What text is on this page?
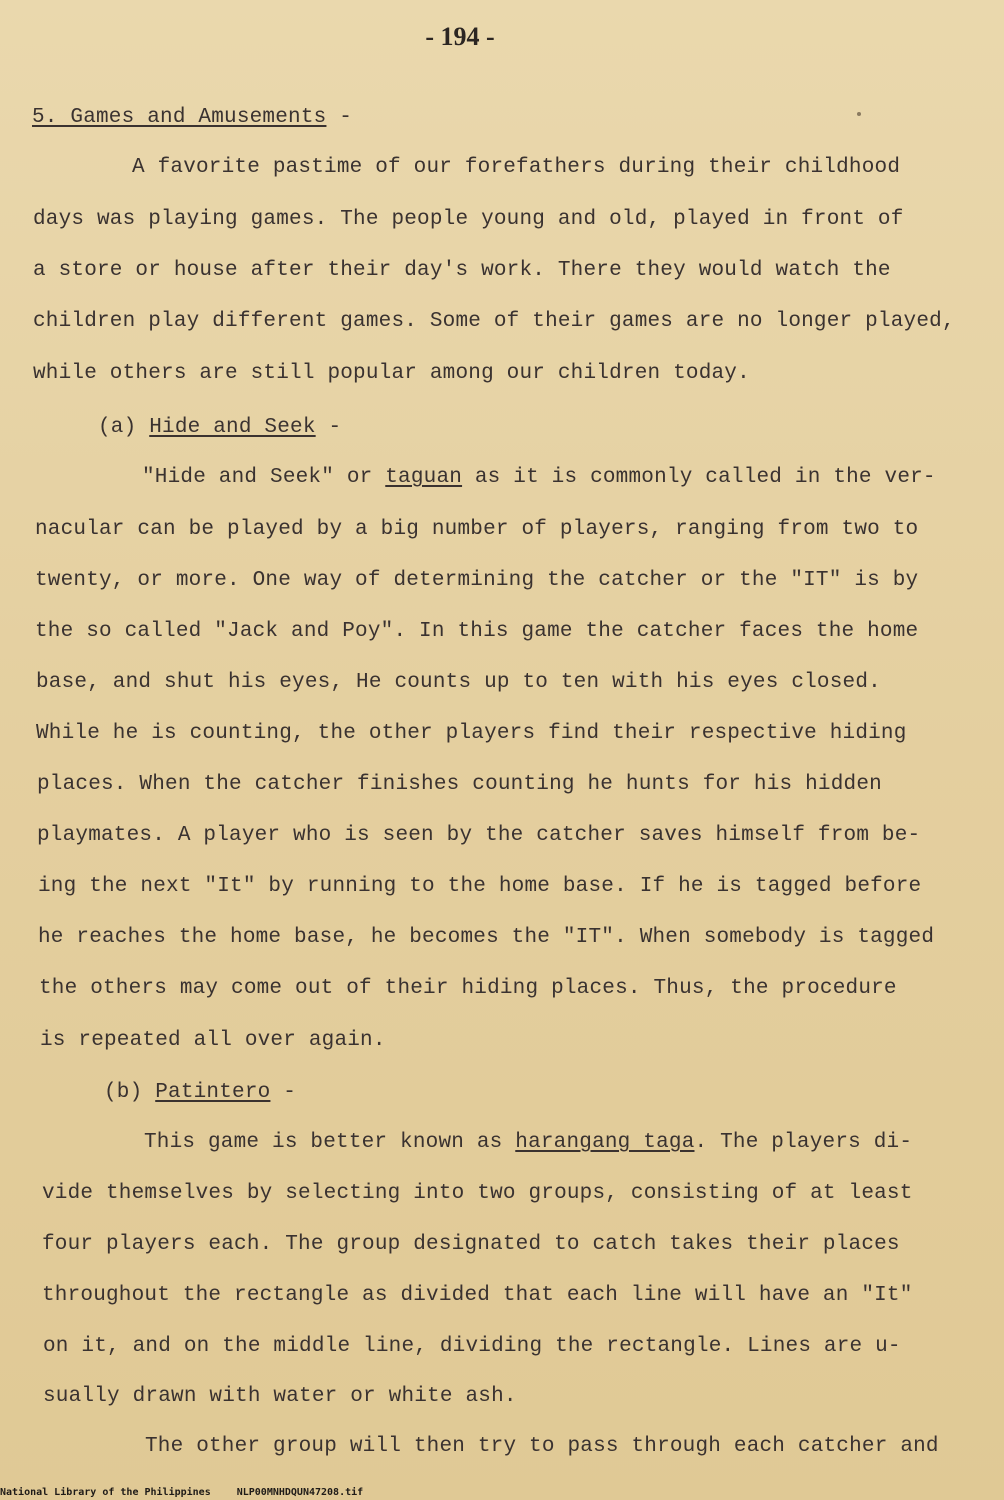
- 194 -
5. Games and Amusements -
A favorite pastime of our forefathers during their childhood
days was playing games. The people young and old, played in front of
a store or house after their day's work. There they would watch the
children play different games. Some of their games are no longer played,
while others are still popular among our children today.
(a) Hide and Seek -
"Hide and Seek" or taguan as it is commonly called in the ver-
nacular can be played by a big number of players, ranging from two to
twenty, or more. One way of determining the catcher or the "IT" is by
the so called "Jack and Poy". In this game the catcher faces the home
base, and shut his eyes, He counts up to ten with his eyes closed.
While he is counting, the other players find their respective hiding
places. When the catcher finishes counting he hunts for his hidden
playmates. A player who is seen by the catcher saves himself from be-
ing the next "It" by running to the home base. If he is tagged before
he reaches the home base, he becomes the "IT". When somebody is tagged
the others may come out of their hiding places. Thus, the procedure
is repeated all over again.
(b) Patintero -
This game is better known as harangang taga. The players di-
vide themselves by selecting into two groups, consisting of at least
four players each. The group designated to catch takes their places
throughout the rectangle as divided that each line will have an "It"
on it, and on the middle line, dividing the rectangle. Lines are u-
sually drawn with water or white ash.
The other group will then try to pass through each catcher and
National Library of the Philippines	NLP00MNHDQUN47208.tif
